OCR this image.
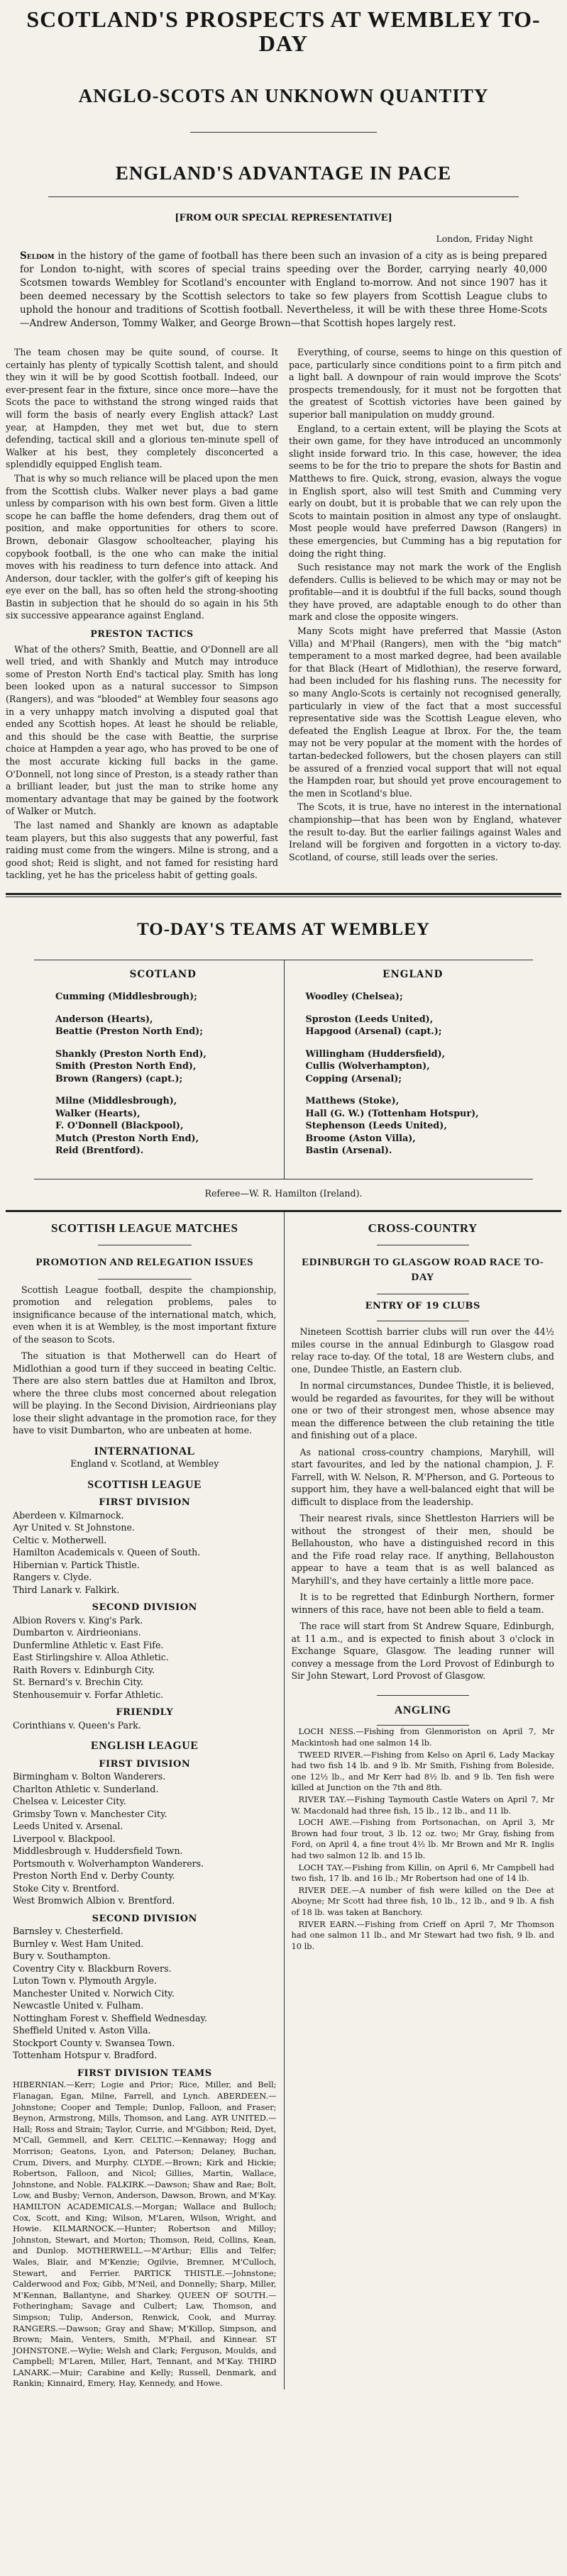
SCOTLAND'S PROSPECTS AT WEMBLEY TO-DAY
ANGLO-SCOTS AN UNKNOWN QUANTITY
ENGLAND'S ADVANTAGE IN PACE
[FROM OUR SPECIAL REPRESENTATIVE]
London, Friday Night
Seldom in the history of the game of football has there been such an invasion of a city as is being prepared for London to-night, with scores of special trains speeding over the Border, carrying nearly 40,000 Scotsmen towards Wembley for Scotland's encounter with England to-morrow. And not since 1907 has it been deemed necessary by the Scottish selectors to take so few players from Scottish League clubs to uphold the honour and traditions of Scottish football. Nevertheless, it will be with these three Home-Scots—Andrew Anderson, Tommy Walker, and George Brown—that Scottish hopes largely rest.

The team chosen may be quite sound, of course. It certainly has plenty of typically Scottish talent, and should they win it will be by good Scottish football. Indeed, our ever-present fear in the fixture, since once more—have the Scots the pace to withstand the strong winged raids that will form the basis of nearly every English attack? Last year, at Hampden, they met wet but, due to stern defending, tactical skill and a glorious ten-minute spell of Walker at his best, they completely disconcerted a splendidly equipped English team.

That is why so much reliance will be placed upon the men from the Scottish clubs. Walker never plays a bad game unless by comparison with his own best form. Given a little scope he can baffle the home defenders, drag them out of position, and make opportunities for others to score. Brown, debonair Glasgow schoolteacher, playing his copybook football, is the one who can make the initial moves with his readiness to turn defence into attack. And Anderson, dour tackler, with the golfer's gift of keeping his eye ever on the ball, has so often held the strong-shooting Bastin in subjection that he should do so again in his 5th six successive appearance against England.

PRESTON TACTICS

What of the others? Smith, Beattie, and O'Donnell are all well tried, and with Shankly and Mutch may introduce some of Preston North End's tactical play. Smith has long been looked upon as a natural successor to Simpson (Rangers), and was "blooded" at Wembley four seasons ago in a very unhappy match involving a disputed goal that ended any Scottish hopes. At least he should be reliable, and this should be the case with Beattie, the surprise choice at Hampden a year ago, who has proved to be one of the most accurate kicking full backs in the game. O'Donnell, not long since of Preston, is a steady rather than a brilliant leader, but just the man to strike home any momentary advantage that may be gained by the footwork of Walker or Mutch.

The last named and Shankly are known as adaptable team players, but this also suggests that any powerful, fast raiding must come from the wingers. Milne is strong, and a good shot; Reid is slight, and not famed for resisting hard tackling, yet he has the priceless habit of getting goals.

Everything, of course, seems to hinge on this question of pace, particularly since conditions point to a firm pitch and a light ball. A downpour of rain would improve the Scots' prospects tremendously, for it must not be forgotten that the greatest of Scottish victories have been gained by superior ball manipulation on muddy ground.

England, to a certain extent, will be playing the Scots at their own game, for they have introduced an uncommonly slight inside forward trio. In this case, however, the idea seems to be for the trio to prepare the shots for Bastin and Matthews to fire. Quick, strong, evasion, always the vogue in English sport, also will test Smith and Cumming very early on doubt, but it is probable that we can rely upon the Scots to maintain position in almost any type of onslaught. Most people would have preferred Dawson (Rangers) in these emergencies, but Cumming has a big reputation for doing the right thing.

Such resistance may not mark the work of the English defenders. Cullis is believed to be which may or may not be profitable—and it is doubtful if the full backs, sound though they have proved, are adaptable enough to do other than mark and close the opposite wingers.

Many Scots might have preferred that Massie (Aston Villa) and M'Phail (Rangers), men with the "big match" temperament to a most marked degree, had been available for that Black (Heart of Midlothian), the reserve forward, had been included for his flashing runs. The necessity for so many Anglo-Scots is certainly not recognised generally, particularly in view of the fact that a most successful representative side was the Scottish League eleven, who defeated the English League at Ibrox. For the, the team may not be very popular at the moment with the hordes of tartan-bedecked followers, but the chosen players can still be assured of a frenzied vocal support that will not equal the Hampden roar, but should yet prove encouragement to the men in Scotland's blue.

The Scots, it is true, have no interest in the international championship—that has been won by England, whatever the result to-day. But the earlier failings against Wales and Ireland will be forgiven and forgotten in a victory to-day. Scotland, of course, still leads over the series.

TO-DAY'S TEAMS AT WEMBLEY
SCOTLAND
Cumming (Middlesbrough);
Anderson (Hearts),
Beattie (Preston North End);
Shankly (Preston North End),
Smith (Preston North End),
Brown (Rangers) (capt.);
Milne (Middlesbrough),
Walker (Hearts),
F. O'Donnell (Blackpool),
Mutch (Preston North End),
Reid (Brentford).
ENGLAND
Woodley (Chelsea);
Sproston (Leeds United),
Hapgood (Arsenal) (capt.);
Willingham (Huddersfield),
Cullis (Wolverhampton),
Copping (Arsenal);
Matthews (Stoke),
Hall (G. W.) (Tottenham Hotspur),
Stephenson (Leeds United),
Broome (Aston Villa),
Bastin (Arsenal).
Referee—W. R. Hamilton (Ireland).
SCOTTISH LEAGUE MATCHES
PROMOTION AND RELEGATION ISSUES

Scottish League football, despite the championship, promotion and relegation problems, pales to insignificance because of the international match, which, even when it is at Wembley, is the most important fixture of the season to Scots.

The situation is that Motherwell can do Heart of Midlothian a good turn if they succeed in beating Celtic. There are also stern battles due at Hamilton and Ibrox, where the three clubs most concerned about relegation will be playing. In the Second Division, Airdrieonians play lose their slight advantage in the promotion race, for they have to visit Dumbarton, who are unbeaten at home.

INTERNATIONAL
England v. Scotland, at Wembley
SCOTTISH LEAGUE
FIRST DIVISION
Aberdeen v. Kilmarnock.
Ayr United v. St Johnstone.
Celtic v. Motherwell.
Hamilton Academicals v. Queen of South.
Hibernian v. Partick Thistle.
Rangers v. Clyde.
Third Lanark v. Falkirk.
SECOND DIVISION
Albion Rovers v. King's Park.
Dumbarton v. Airdrieonians.
Dunfermline Athletic v. East Fife.
East Stirlingshire v. Alloa Athletic.
Raith Rovers v. Edinburgh City.
St. Bernard's v. Brechin City.
Stenhousemuir v. Forfar Athletic.
FRIENDLY
Corinthians v. Queen's Park.
ENGLISH LEAGUE
FIRST DIVISION
Birmingham v. Bolton Wanderers.
Charlton Athletic v. Sunderland.
Chelsea v. Leicester City.
Grimsby Town v. Manchester City.
Leeds United v. Arsenal.
Liverpool v. Blackpool.
Middlesbrough v. Huddersfield Town.
Portsmouth v. Wolverhampton Wanderers.
Preston North End v. Derby County.
Stoke City v. Brentford.
West Bromwich Albion v. Brentford.
SECOND DIVISION
Barnsley v. Chesterfield.
Burnley v. West Ham United.
Bury v. Southampton.
Coventry City v. Blackburn Rovers.
Luton Town v. Plymouth Argyle.
Manchester United v. Norwich City.
Newcastle United v. Fulham.
Nottingham Forest v. Sheffield Wednesday.
Sheffield United v. Aston Villa.
Stockport County v. Swansea Town.
Tottenham Hotspur v. Bradford.
FIRST DIVISION TEAMS
HIBERNIAN.—Kerr; Logie and Prior; Rice, Miller, and Bell; Flanagan, Egan, Milne, Farrell, and Lynch. ABERDEEN.—Johnstone; Cooper and Temple; Dunlop, Falloon, and Fraser; Beynon, Armstrong, Mills, Thomson, and Lang. AYR UNITED.—Hall; Ross and Strain; Taylor, Currie, and M'Gibbon; Reid, Dyet, M'Call, Gemmell, and Kerr. CELTIC.—Kennaway; Hogg and Morrison; Geatons, Lyon, and Paterson; Delaney, Buchan, Crum, Divers, and Murphy. CLYDE.—Brown; Kirk and Hickie; Robertson, Falloon, and Nicol; Gillies, Martin, Wallace, Johnstone, and Noble. FALKIRK.—Dawson; Shaw and Rae; Bolt, Low, and Busby; Vernon, Anderson, Dawson, Brown, and M'Kay. HAMILTON ACADEMICALS.—Morgan; Wallace and Bulloch; Cox, Scott, and King; Wilson, M'Laren, Wilson, Wright, and Howie. KILMARNOCK.—Hunter; Robertson and Milloy; Johnston, Stewart, and Morton; Thomson, Reid, Collins, Kean, and Dunlop. MOTHERWELL.—M'Arthur; Ellis and Telfer; Wales, Blair, and M'Kenzie; Ogilvie, Bremner, M'Culloch, Stewart, and Ferrier. PARTICK THISTLE.—Johnstone; Calderwood and Fox; Gibb, M'Neil, and Donnelly; Sharp, Miller, M'Kennan, Ballantyne, and Sharkey. QUEEN OF SOUTH.—Fotheringham; Savage and Culbert; Law, Thomson, and Simpson; Tulip, Anderson, Renwick, Cook, and Murray. RANGERS.—Dawson; Gray and Shaw; M'Killop, Simpson, and Brown; Main, Venters, Smith, M'Phail, and Kinnear. ST JOHNSTONE.—Wylie; Welsh and Clark; Ferguson, Moulds, and Campbell; M'Laren, Miller, Hart, Tennant, and M'Kay. THIRD LANARK.—Muir; Carabine and Kelly; Russell, Denmark, and Rankin; Kinnaird, Emery, Hay, Kennedy, and Howe.
CROSS-COUNTRY
EDINBURGH TO GLASGOW ROAD RACE TO-DAY
ENTRY OF 19 CLUBS

Nineteen Scottish barrier clubs will run over the 44½ miles course in the annual Edinburgh to Glasgow road relay race to-day. Of the total, 18 are Western clubs, and one, Dundee Thistle, an Eastern club.

In normal circumstances, Dundee Thistle, it is believed, would be regarded as favourites, for they will be without one or two of their strongest men, whose absence may mean the difference between the club retaining the title and finishing out of a place.

As national cross-country champions, Maryhill, will start favourites, and led by the national champion, J. F. Farrell, with W. Nelson, R. M'Pherson, and G. Porteous to support him, they have a well-balanced eight that will be difficult to displace from the leadership.

Their nearest rivals, since Shettleston Harriers will be without the strongest of their men, should be Bellahouston, who have a distinguished record in this and the Fife road relay race. If anything, Bellahouston appear to have a team that is as well balanced as Maryhill's, and they have certainly a little more pace.

It is to be regretted that Edinburgh Northern, former winners of this race, have not been able to field a team.

The race will start from St Andrew Square, Edinburgh, at 11 a.m., and is expected to finish about 3 o'clock in Exchange Square, Glasgow. The leading runner will convey a message from the Lord Provost of Edinburgh to Sir John Stewart, Lord Provost of Glasgow.

ANGLING

LOCH NESS.—Fishing from Glenmoriston on April 7, Mr Mackintosh had one salmon 14 lb.

TWEED RIVER.—Fishing from Kelso on April 6, Lady Mackay had two fish 14 lb. and 9 lb. Mr Smith, Fishing from Boleside, one 12½ lb., and Mr Kerr had 8½ lb. and 9 lb. Ten fish were killed at Junction on the 7th and 8th.

RIVER TAY.—Fishing Taymouth Castle Waters on April 7, Mr W. Macdonald had three fish, 15 lb., 12 lb., and 11 lb.

LOCH AWE.—Fishing from Portsonachan, on April 3, Mr Brown had four trout, 3 lb. 12 oz. two; Mr Gray, fishing from Ford, on April 4, a fine trout 4½ lb. Mr Brown and Mr R. Inglis had two salmon 12 lb. and 15 lb.

LOCH TAY.—Fishing from Killin, on April 6, Mr Campbell had two fish, 17 lb. and 16 lb.; Mr Robertson had one of 14 lb.

RIVER DEE.—A number of fish were killed on the Dee at Aboyne; Mr Scott had three fish, 10 lb., 12 lb., and 9 lb. A fish of 18 lb. was taken at Banchory.

RIVER EARN.—Fishing from Crieff on April 7, Mr Thomson had one salmon 11 lb., and Mr Stewart had two fish, 9 lb. and 10 lb.
